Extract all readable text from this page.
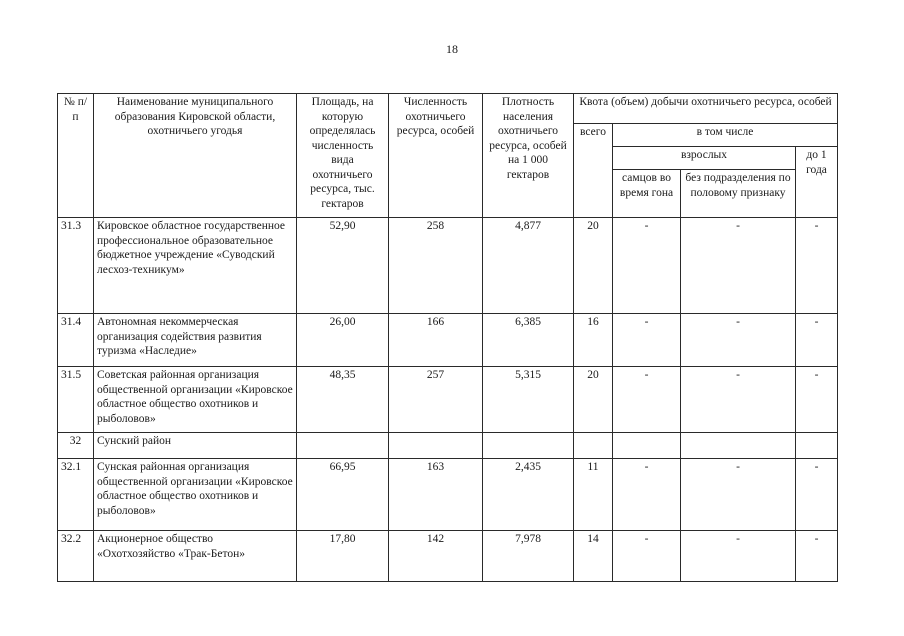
18
№ п/п	Наименование муниципального образования Кировской области, охотничьего угодья	Площадь, на которую определялась численность вида охотничьего ресурса, тыс. гектаров	Численность охотничьего ресурса, особей	Плотность населения охотничьего ресурса, особей на 1 000 гектаров	Квота (объем) добычи охотничьего ресурса, особей			
					всего	в том числе		
						взрослых		до 1 года
						самцов во время гона	без подразделения по половому признаку	
31.3	Кировское областное государственное профессиональное образовательное бюджетное учреждение «Суводский лесхоз-техникум»	52,90	258	4,877	20	-	-	-
31.4	Автономная некоммерческая организация содействия развития туризма «Наследие»	26,00	166	6,385	16	-	-	-
31.5	Советская районная организация общественной организации «Кировское областное общество охотников и рыболовов»	48,35	257	5,315	20	-	-	-
32	Сунский район							
32.1	Сунская районная организация общественной организации «Кировское областное общество охотников и рыболовов»	66,95	163	2,435	11	-	-	-
32.2	Акционерное общество «Охотхозяйство «Трак-Бетон»	17,80	142	7,978	14	-	-	-
